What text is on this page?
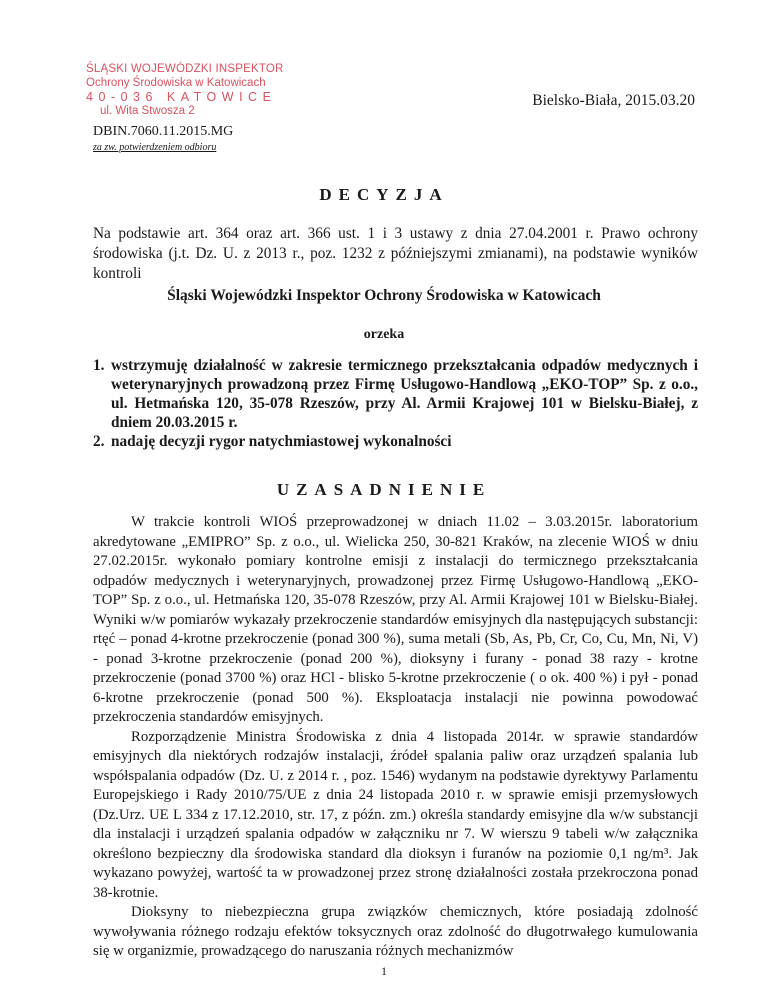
ŚLĄSKI WOJEWÓDZKI INSPEKTOR
Ochrony Środowiska w Katowicach
40-036 KATOWICE
ul. Wita Stwosza 2
Bielsko-Biała, 2015.03.20
DBIN.7060.11.2015.MG
za zw. potwierdzeniem odbioru
DECYZJA
Na podstawie art. 364 oraz art. 366 ust. 1 i 3 ustawy z dnia 27.04.2001 r. Prawo ochrony środowiska (j.t. Dz. U. z 2013 r., poz. 1232 z późniejszymi zmianami), na podstawie wyników kontroli
Śląski Wojewódzki Inspektor Ochrony Środowiska w Katowicach
orzeka
1. wstrzymuję działalność w zakresie termicznego przekształcania odpadów medycznych i weterynaryjnych prowadzoną przez Firmę Usługowo-Handlową „EKO-TOP” Sp. z o.o., ul. Hetmańska 120, 35-078 Rzeszów, przy Al. Armii Krajowej 101 w Bielsku-Białej, z dniem 20.03.2015 r.
2. nadaję decyzji rygor natychmiastowej wykonalności
UZASADNIENIE

W trakcie kontroli WIOŚ przeprowadzonej w dniach 11.02 – 3.03.2015r. laboratorium akredytowane „EMIPRO” Sp. z o.o., ul. Wielicka 250, 30-821 Kraków, na zlecenie WIOŚ w dniu 27.02.2015r. wykonało pomiary kontrolne emisji z instalacji do termicznego przekształcania odpadów medycznych i weterynaryjnych, prowadzonej przez Firmę Usługowo-Handlową „EKO-TOP” Sp. z o.o., ul. Hetmańska 120, 35-078 Rzeszów, przy Al. Armii Krajowej 101 w Bielsku-Białej. Wyniki w/w pomiarów wykazały przekroczenie standardów emisyjnych dla następujących substancji: rtęć – ponad 4-krotne przekroczenie (ponad 300 %), suma metali (Sb, As, Pb, Cr, Co, Cu, Mn, Ni, V) - ponad 3-krotne przekroczenie (ponad 200 %), dioksyny i furany - ponad 38 razy - krotne przekroczenie (ponad 3700 %) oraz HCl - blisko 5-krotne przekroczenie ( o ok. 400 %) i pył - ponad 6-krotne przekroczenie (ponad 500 %). Eksploatacja instalacji nie powinna powodować przekroczenia standardów emisyjnych.

Rozporządzenie Ministra Środowiska z dnia 4 listopada 2014r. w sprawie standardów emisyjnych dla niektórych rodzajów instalacji, źródeł spalania paliw oraz urządzeń spalania lub współspalania odpadów (Dz. U. z 2014 r. , poz. 1546) wydanym na podstawie dyrektywy Parlamentu Europejskiego i Rady 2010/75/UE z dnia 24 listopada 2010 r. w sprawie emisji przemysłowych (Dz.Urz. UE L 334 z 17.12.2010, str. 17, z późn. zm.) określa standardy emisyjne dla w/w substancji dla instalacji i urządzeń spalania odpadów w załączniku nr 7. W wierszu 9 tabeli w/w załącznika określono bezpieczny dla środowiska standard dla dioksyn i furanów na poziomie 0,1 ng/m³. Jak wykazano powyżej, wartość ta w prowadzonej przez stronę działalności została przekroczona ponad 38-krotnie.

Dioksyny to niebezpieczna grupa związków chemicznych, które posiadają zdolność wywoływania różnego rodzaju efektów toksycznych oraz zdolność do długotrwałego kumulowania się w organizmie, prowadzącego do naruszania różnych mechanizmów

1
